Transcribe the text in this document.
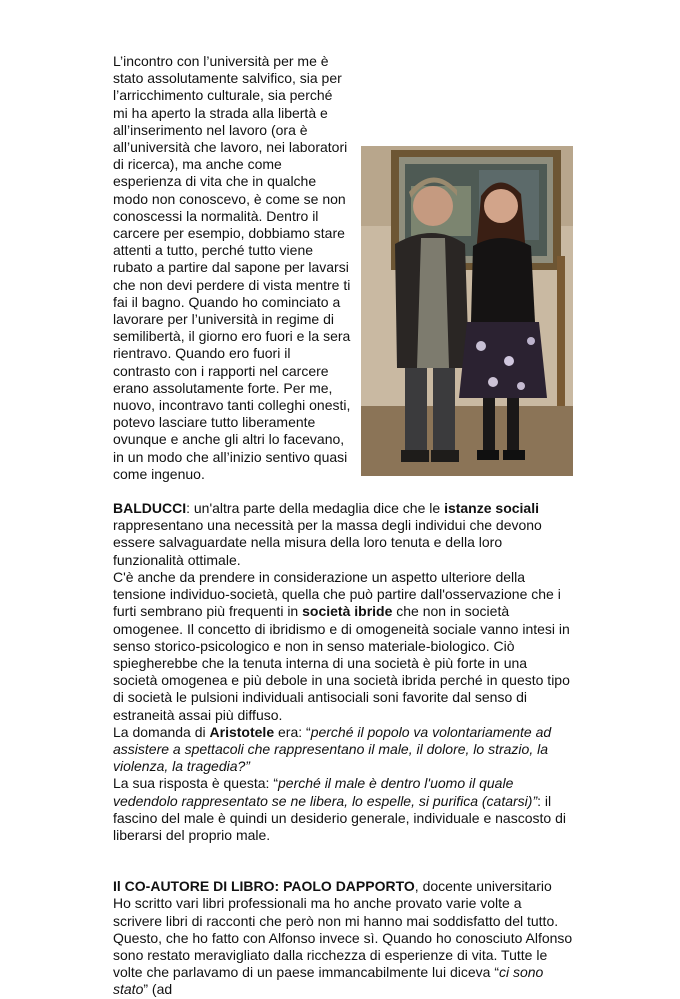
L’incontro con l’università per me è stato assolutamente salvifico, sia per l’arricchimento culturale, sia perché mi ha aperto la strada alla libertà e all’inserimento nel lavoro (ora è all’università che lavoro, nei laboratori di ricerca), ma anche come esperienza di vita che in qualche modo non conoscevo, è come se non conoscessi la normalità. Dentro il carcere per esempio, dobbiamo stare attenti a tutto, perché tutto viene rubato a partire dal sapone per lavarsi che non devi perdere di vista mentre ti fai il bagno. Quando ho cominciato a lavorare per l’università in regime di semilibertà, il giorno ero fuori e la sera rientravo. Quando ero fuori il contrasto con i rapporti nel carcere erano assolutamente forte. Per me, nuovo, incontravo tanti colleghi onesti, potevo lasciare tutto liberamente ovunque e anche gli altri lo facevano, in un modo che all’inizio sentivo quasi come ingenuo.

BALDUCCI: un'altra parte della medaglia dice che le istanze sociali rappresentano una necessità per la massa degli individui che devono essere salvaguardate nella misura della loro tenuta e della loro funzionalità ottimale.

C'è anche da prendere in considerazione un aspetto ulteriore della tensione individuo-società, quella che può partire dall'osservazione che i furti sembrano più frequenti in società ibride che non in società omogenee. Il concetto di ibridismo e di omogeneità sociale vanno intesi in senso storico-psicologico e non in senso materiale-biologico. Ciò spiegherebbe che la tenuta interna di una società è più forte in una società omogenea e più debole in una società ibrida perché in questo tipo di società le pulsioni individuali antisociali soni favorite dal senso di estraneità assai più diffuso.

La domanda di Aristotele era: “perché il popolo va volontariamente ad assistere a spettacoli che rappresentano il male, il dolore, lo strazio, la violenza, la tragedia?”

La sua risposta è questa: “perché il male è dentro l'uomo il quale vedendolo rappresentato se ne libera, lo espelle, si purifica (catarsi)”: il fascino del male è quindi un desiderio generale, individuale e nascosto di liberarsi del proprio male.

Il CO-AUTORE DI LIBRO: PAOLO DAPPORTO, docente universitario

Ho scritto vari libri professionali ma ho anche provato varie volte a scrivere libri di racconti che però non mi hanno mai soddisfatto del tutto. Questo, che ho fatto con Alfonso invece sì. Quando ho conosciuto Alfonso sono restato meravigliato dalla ricchezza di esperienze di vita. Tutte le volte che parlavamo di un paese immancabilmente lui diceva “ci sono stato” (ad
